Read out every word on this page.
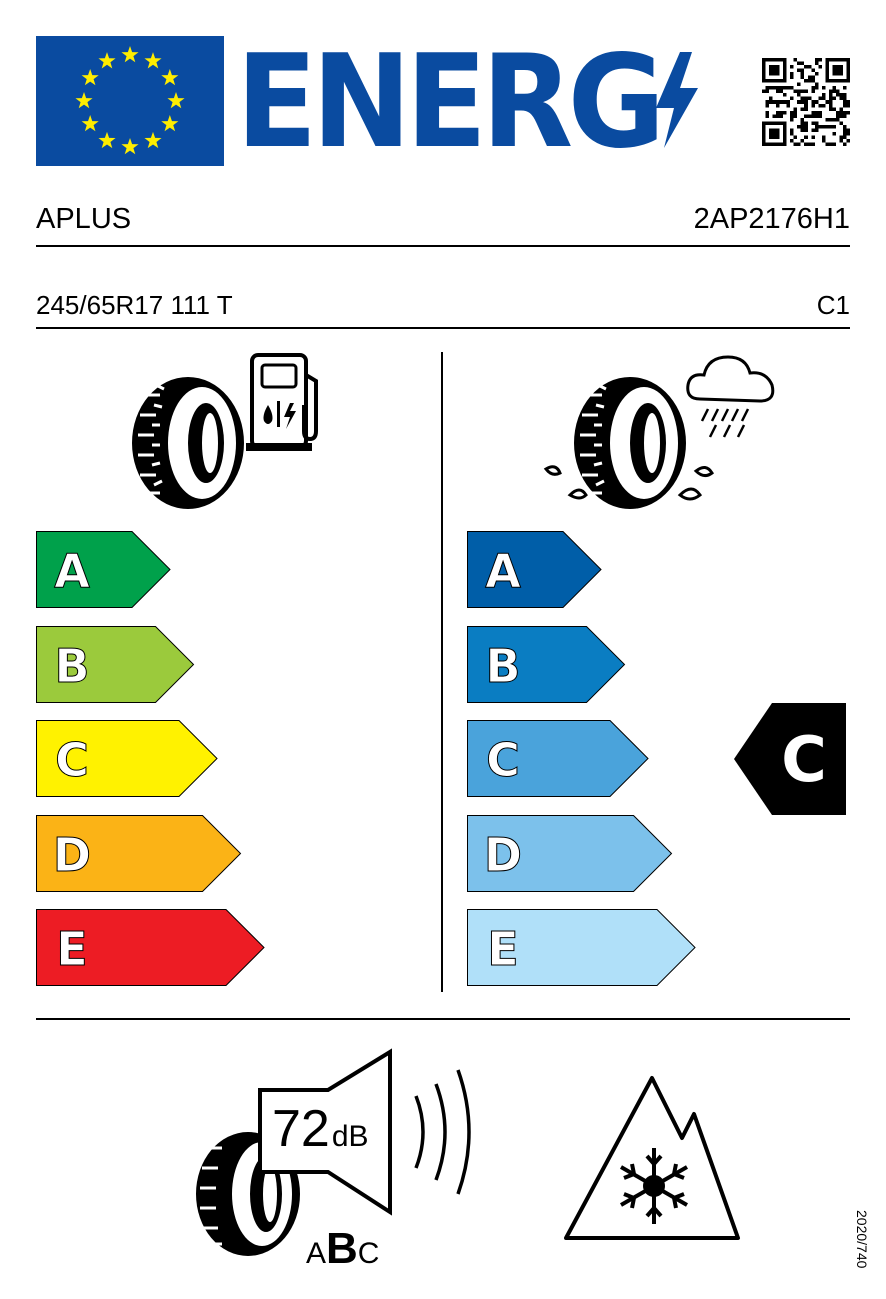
ENERG
APLUS	2AP2176H1
245/65R17 111 T	C1
A
B
C
D
E
A
B
C
D
E
C
72dB
ABC	2020/740
